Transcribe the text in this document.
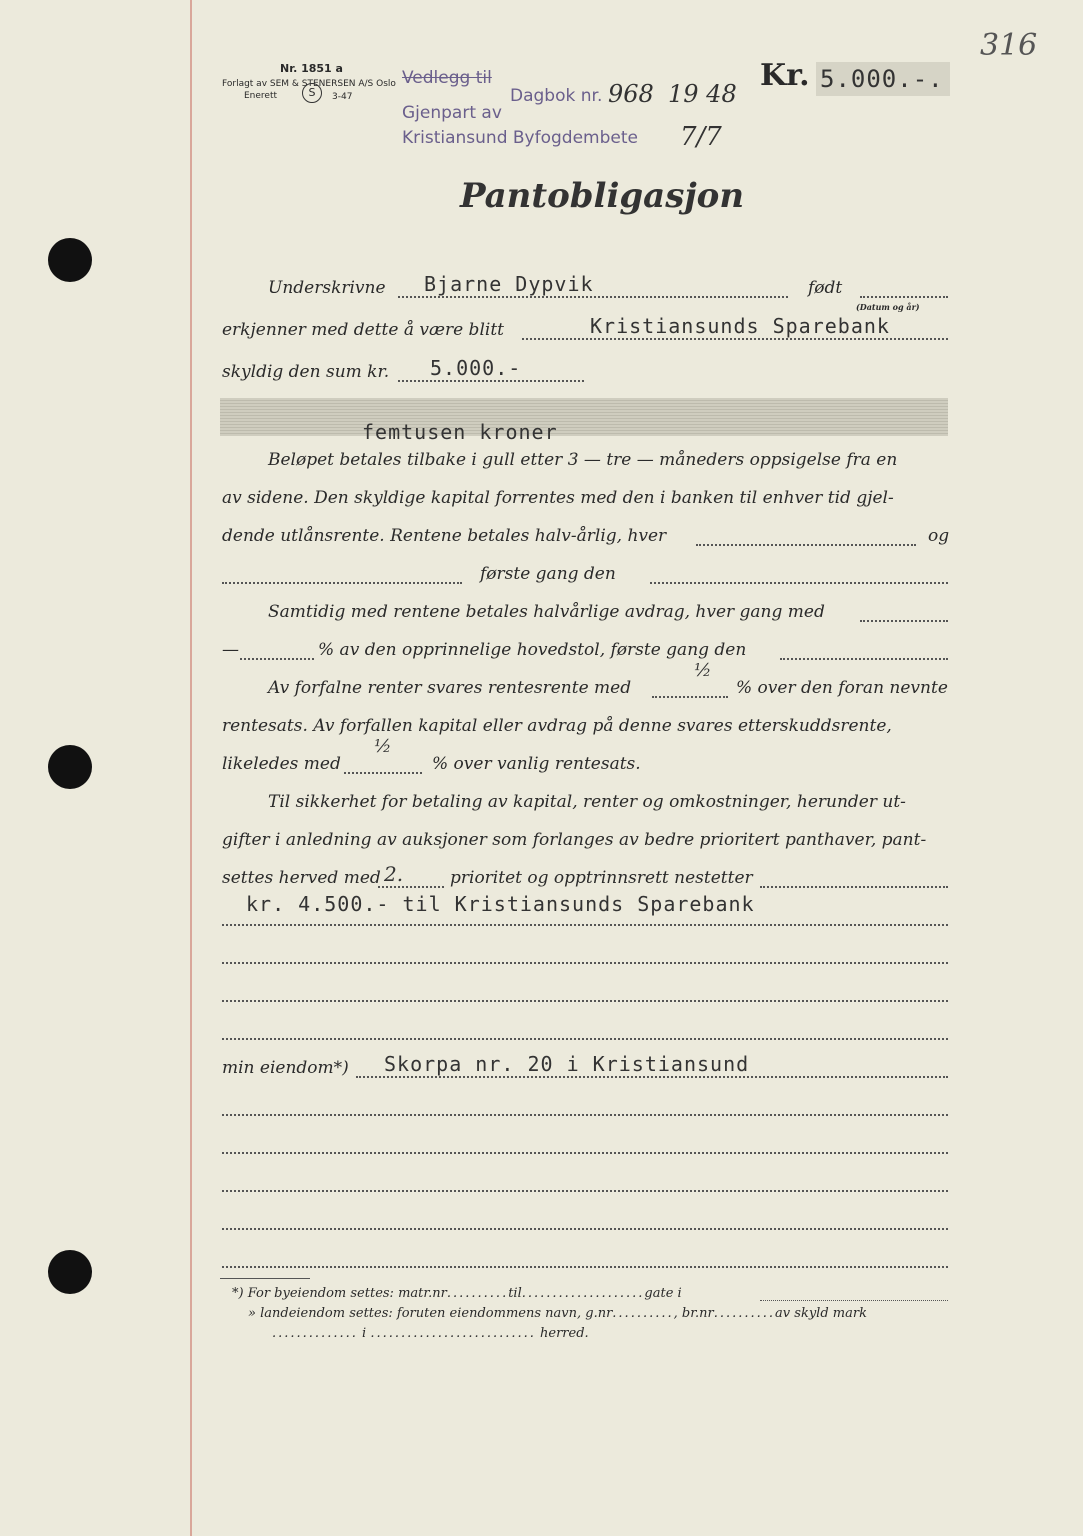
316
Nr. 1851 a
Forlagt av SEM & STENERSEN A/S Oslo
Enerett	S	3-47
Vedlegg til
Gjenpart av
Kristiansund Byfogdembete
Dagbok nr. 968 19 48
7/7
Kr. 5.000.-.
Pantobligasjon
Underskrivne Bjarne Dypvik	født
(Datum og år)
erkjenner med dette å være blitt	Kristiansunds Sparebank
skyldig den sum kr. 5.000.-
femtusen kroner
Beløpet betales tilbake i gull etter 3 — tre — måneders oppsigelse fra en
av sidene. Den skyldige kapital forrentes med den i banken til enhver tid gjel-
dende utlånsrente. Rentene betales halv-årlig, hver	og
første gang den
Samtidig med rentene betales halvårlige avdrag, hver gang med
—	% av den opprinnelige hovedstol, første gang den
Av forfalne renter svares rentesrente med
½
% over den foran nevnte
rentesats. Av forfallen kapital eller avdrag på denne svares etterskuddsrente,
likeledes med
½
% over vanlig rentesats.
Til sikkerhet for betaling av kapital, renter og omkostninger, herunder ut-
gifter i anledning av auksjoner som forlanges av bedre prioritert panthaver, pant-
settes herved med 2.	prioritet og opptrinnsrett nestetter
kr. 4.500.- til Kristiansunds Sparebank
min eiendom*) Skorpa nr. 20 i Kristiansund
*) For byeiendom settes: matr.nr..........til....................gate i
» landeiendom settes: foruten eiendommens navn, g.nr.........., br.nr..........av skyld mark
.............. i ........................... herred.
